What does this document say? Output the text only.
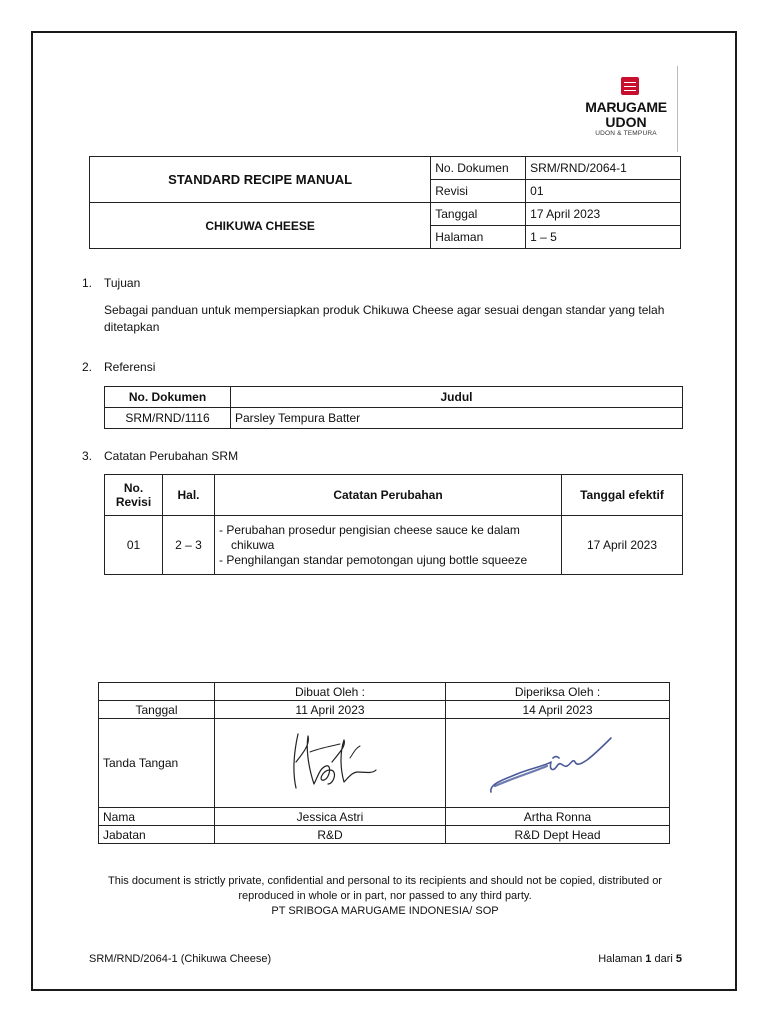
MARUGAME
UDON
UDON & TEMPURA
STANDARD RECIPE MANUAL	No. Dokumen	SRM/RND/2064-1
	Revisi	01
CHIKUWA CHEESE	Tanggal	17 April 2023
	Halaman	1 – 5
1. Tujuan
Sebagai panduan untuk mempersiapkan produk Chikuwa Cheese agar sesuai dengan standar yang telah ditetapkan
2. Referensi
No. Dokumen	Judul
SRM/RND/1116	Parsley Tempura Batter
3. Catatan Perubahan SRM
No. Revisi	Hal.	Catatan Perubahan	Tanggal efektif
01	2 – 3	- Perubahan prosedur pengisian cheese sauce ke dalam chikuwa
- Penghilangan standar pemotongan ujung bottle squeeze	17 April 2023
	Dibuat Oleh :	Diperiksa Oleh :
Tanggal	11 April 2023	14 April 2023
Tanda Tangan		
Nama	Jessica Astri	Artha Ronna
Jabatan	R&D	R&D Dept Head
This document is strictly private, confidential and personal to its recipients and should not be copied, distributed or
reproduced in whole or in part, nor passed to any third party.
PT SRIBOGA MARUGAME INDONESIA/ SOP
SRM/RND/2064-1 (Chikuwa Cheese)	Halaman 1 dari 5
